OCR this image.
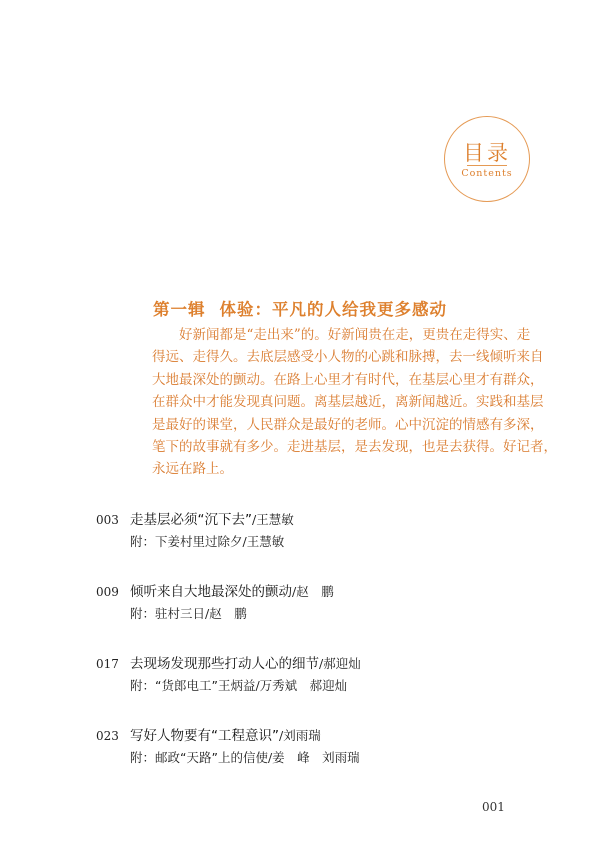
目录
Contents
第一辑 体验：平凡的人给我更多感动
　　好新闻都是“走出来”的。好新闻贵在走，更贵在走得实、走
得远、走得久。去底层感受小人物的心跳和脉搏，去一线倾听来自
大地最深处的颤动。在路上心里才有时代，在基层心里才有群众，
在群众中才能发现真问题。离基层越近，离新闻越近。实践和基层
是最好的课堂，人民群众是最好的老师。心中沉淀的情感有多深，
笔下的故事就有多少。走进基层，是去发现，也是去获得。好记者，
永远在路上。
003 走基层必须“沉下去” /王慧敏
附：下姜村里过除夕 /王慧敏
009 倾听来自大地最深处的颤动 /赵　鹏
附：驻村三日 /赵　鹏
017 去现场发现那些打动人心的细节 /郝迎灿
附：“货郎电工”王炳益 /万秀斌　郝迎灿
023 写好人物要有“工程意识” /刘雨瑞
附：邮政“天路”上的信使 /姜　峰　刘雨瑞
001
